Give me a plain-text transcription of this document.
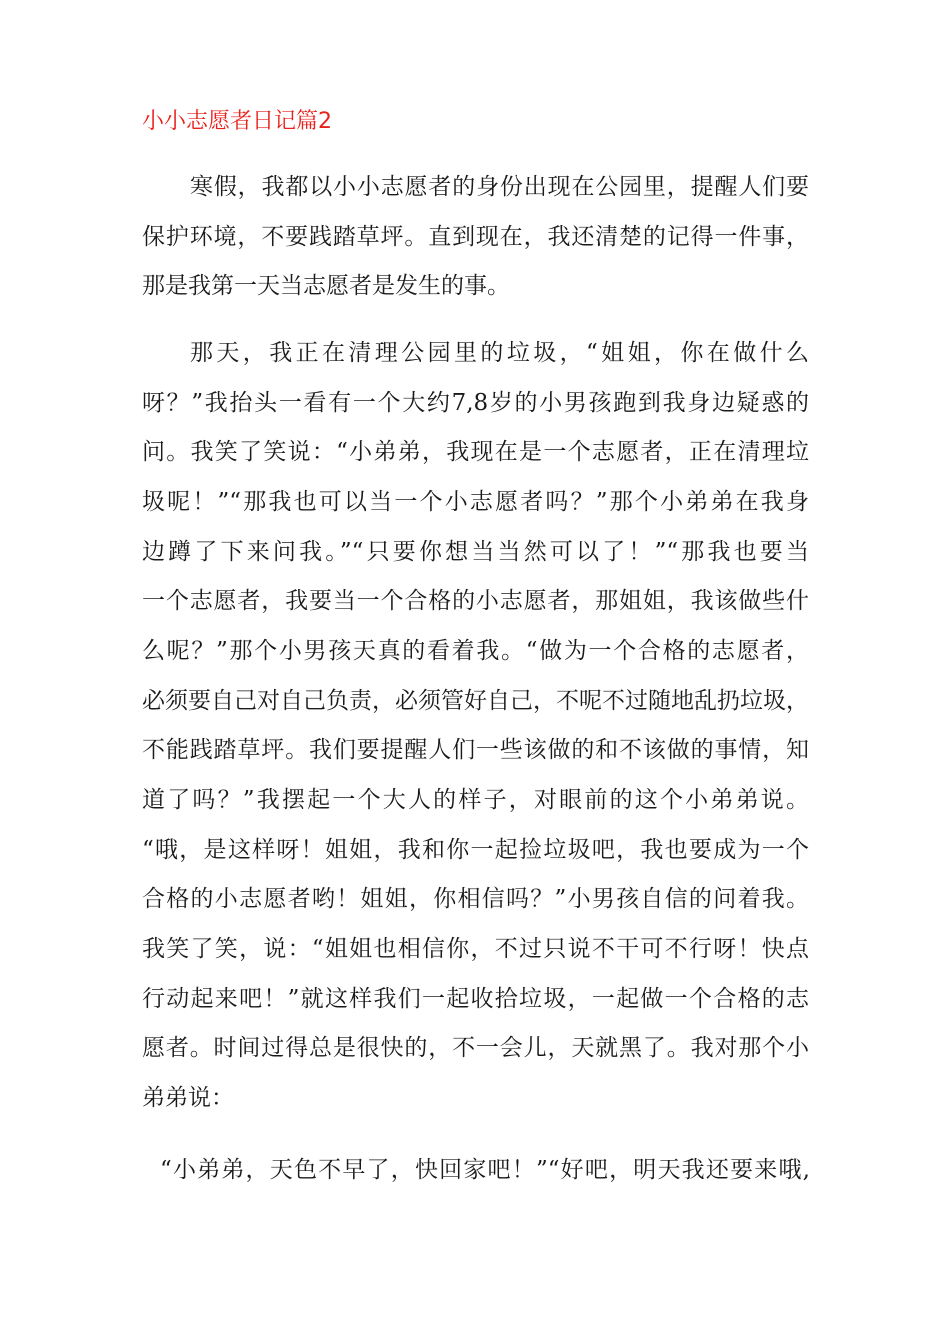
小小志愿者日记篇2
寒假，我都以小小志愿者的身份出现在公园里，提醒人们要
保护环境，不要践踏草坪。直到现在，我还清楚的记得一件事，
那是我第一天当志愿者是发生的事。
那天，我正在清理公园里的垃圾，“姐姐，你在做什么
呀？”我抬头一看有一个大约7,8岁的小男孩跑到我身边疑惑的
问。我笑了笑说：“小弟弟，我现在是一个志愿者，正在清理垃
圾呢！”“那我也可以当一个小志愿者吗？”那个小弟弟在我身
边蹲了下来问我。”“只要你想当当然可以了！”“那我也要当
一个志愿者，我要当一个合格的小志愿者，那姐姐，我该做些什
么呢？”那个小男孩天真的看着我。“做为一个合格的志愿者，
必须要自己对自己负责，必须管好自己，不呢不过随地乱扔垃圾，
不能践踏草坪。我们要提醒人们一些该做的和不该做的事情，知
道了吗？”我摆起一个大人的样子，对眼前的这个小弟弟说。
“哦，是这样呀！姐姐，我和你一起捡垃圾吧，我也要成为一个
合格的小志愿者哟！姐姐，你相信吗？”小男孩自信的问着我。
我笑了笑，说：“姐姐也相信你，不过只说不干可不行呀！快点
行动起来吧！”就这样我们一起收拾垃圾，一起做一个合格的志
愿者。时间过得总是很快的，不一会儿，天就黑了。我对那个小
弟弟说：
“小弟弟，天色不早了，快回家吧！”“好吧，明天我还要来哦,
